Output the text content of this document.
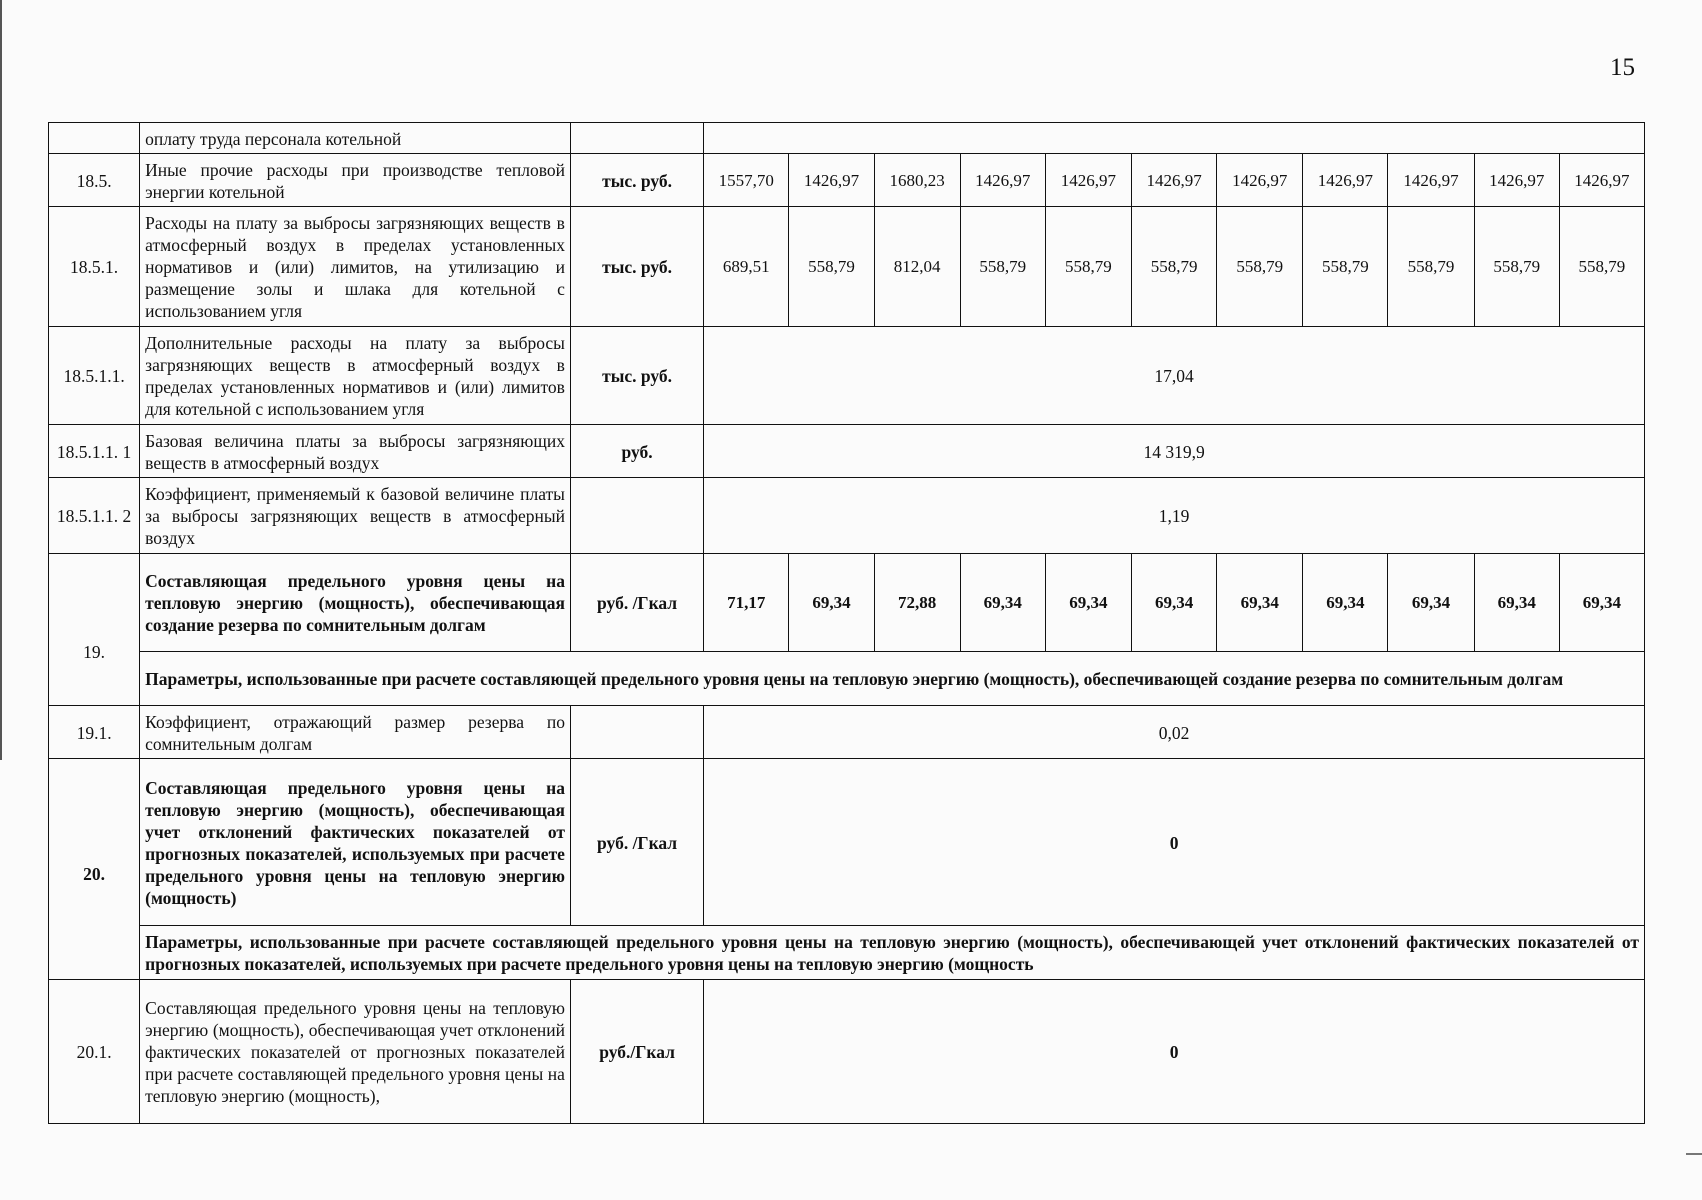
15
	оплату труда персонала котельной												
18.5.	Иные прочие расходы при производстве тепловой энергии котельной	тыс. руб.	1557,70	1426,97	1680,23	1426,97	1426,97	1426,97	1426,97	1426,97	1426,97	1426,97	1426,97
18.5.1.	Расходы на плату за выбросы загрязняющих веществ в атмосферный воздух в пределах установленных нормативов и (или) лимитов, на утилизацию и размещение золы и шлака для котельной с использованием угля	тыс. руб.	689,51	558,79	812,04	558,79	558,79	558,79	558,79	558,79	558,79	558,79	558,79
18.5.1.1.	Дополнительные расходы на плату за выбросы загрязняющих веществ в атмосферный воздух в пределах установленных нормативов и (или) лимитов для котельной с использованием угля	тыс. руб.	17,04										
18.5.1.1. 1	Базовая величина платы за выбросы загрязняющих веществ в атмосферный воздух	руб.	14 319,9										
18.5.1.1. 2	Коэффициент, применяемый к базовой величине платы за выбросы загрязняющих веществ в атмосферный воздух		1,19										
19.	Составляющая предельного уровня цены на тепловую энергию (мощность), обеспечивающая создание резерва по сомнительным долгам	руб. /Гкал	71,17	69,34	72,88	69,34	69,34	69,34	69,34	69,34	69,34	69,34	69,34
	Параметры, использованные при расчете составляющей предельного уровня цены на тепловую энергию (мощность), обеспечивающей создание резерва по сомнительным долгам												
19.1.	Коэффициент, отражающий размер резерва по сомнительным долгам		0,02										
20.	Составляющая предельного уровня цены на тепловую энергию (мощность), обеспечивающая учет отклонений фактических показателей от прогнозных показателей, используемых при расчете предельного уровня цены на тепловую энергию (мощность)	руб. /Гкал	0										
	Параметры, использованные при расчете составляющей предельного уровня цены на тепловую энергию (мощность), обеспечивающей учет отклонений фактических показателей от прогнозных показателей, используемых при расчете предельного уровня цены на тепловую энергию (мощность												
20.1.	Составляющая предельного уровня цены на тепловую энергию (мощность), обеспечивающая учет отклонений фактических показателей от прогнозных показателей при расчете составляющей предельного уровня цены на тепловую энергию (мощность),	руб./Гкал	0										
